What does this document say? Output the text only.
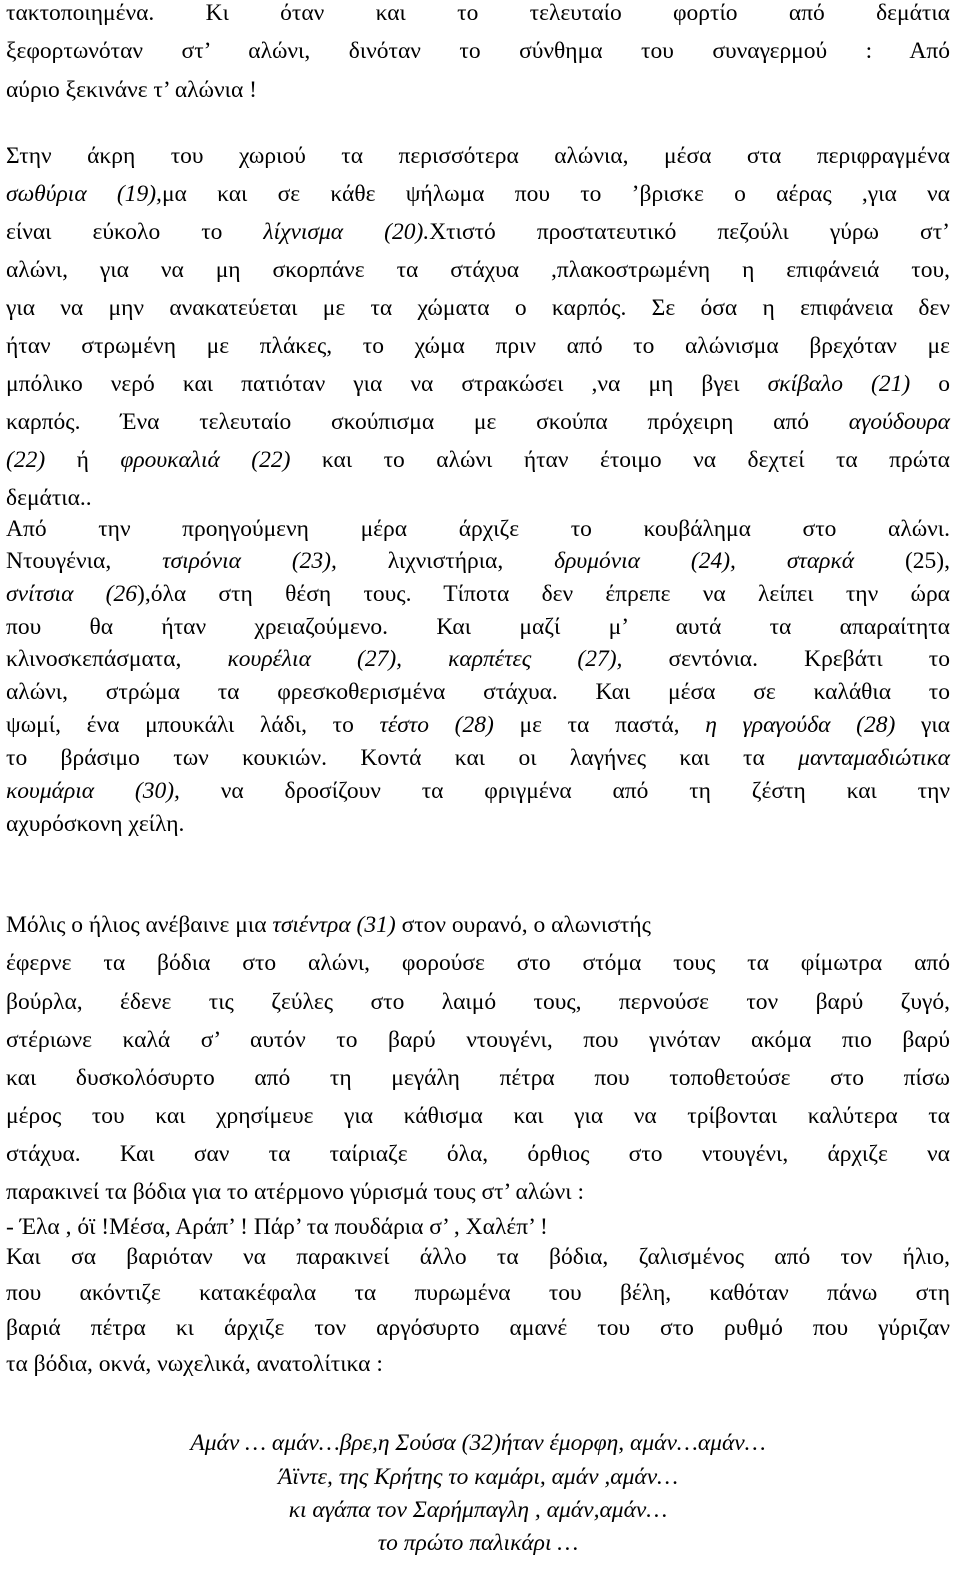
τακτοποιημένα. Κι όταν και το τελευταίο φορτίο από δεμάτια
ξεφορτωνόταν στ’ αλώνι, δινόταν το σύνθημα του συναγερμού : Από
αύριο ξεκινάνε τ’ αλώνια !
Στην άκρη του χωριού τα περισσότερα αλώνια, μέσα στα περιφραγμένα
σωθύρια (19),μα και σε κάθε ψήλωμα που το ’βρισκε ο αέρας ,για να
είναι εύκολο το λίχνισμα (20).Χτιστό προστατευτικό πεζούλι γύρω στ’
αλώνι, για να μη σκορπάνε τα στάχυα ,πλακοστρωμένη η επιφάνειά του,
για να μην ανακατεύεται με τα χώματα ο καρπός. Σε όσα η επιφάνεια δεν
ήταν στρωμένη με πλάκες, το χώμα πριν από το αλώνισμα βρεχόταν με
μπόλικο νερό και πατιόταν για να στρακώσει ,να μη βγει σκίβαλο (21) ο
καρπός. Ένα τελευταίο σκούπισμα με σκούπα πρόχειρη από αγούδουρα
(22) ή φρουκαλιά (22) και το αλώνι ήταν έτοιμο να δεχτεί τα πρώτα
δεμάτια..
Από την προηγούμενη μέρα άρχιζε το κουβάλημα στο αλώνι.
Ντουγένια, τσιρόνια (23), λιχνιστήρια, δρυμόνια (24), σταρκά (25),
σνίτσια (26),όλα στη θέση τους. Τίποτα δεν έπρεπε να λείπει την ώρα
που θα ήταν χρειαζούμενο. Και μαζί μ’ αυτά τα απαραίτητα
κλινοσκεπάσματα, κουρέλια (27), καρπέτες (27), σεντόνια. Κρεβάτι το
αλώνι, στρώμα τα φρεσκοθερισμένα στάχυα. Και μέσα σε καλάθια το
ψωμί, ένα μπουκάλι λάδι, το τέστο (28) με τα παστά, η γραγούδα (28) για
το βράσιμο των κουκιών. Κοντά και οι λαγήνες και τα μανταμαδιώτικα
κουμάρια (30), να δροσίζουν τα φριγμένα από τη ζέστη και την
αχυρόσκονη χείλη.
Μόλις ο ήλιος ανέβαινε μια τσιέντρα (31) στον ουρανό, ο αλωνιστής
έφερνε τα βόδια στο αλώνι, φορούσε στο στόμα τους τα φίμωτρα από
βούρλα, έδενε τις ζεύλες στο λαιμό τους, περνούσε τον βαρύ ζυγό,
στέριωνε καλά σ’ αυτόν το βαρύ ντουγένι, που γινόταν ακόμα πιο βαρύ
και δυσκολόσυρτο από τη μεγάλη πέτρα που τοποθετούσε στο πίσω
μέρος του και χρησίμευε για κάθισμα και για να τρίβονται καλύτερα τα
στάχυα. Και σαν τα ταίριαζε όλα, όρθιος στο ντουγένι, άρχιζε να
παρακινεί τα βόδια για το ατέρμονο γύρισμά τους στ’ αλώνι :
- Έλα , όϊ !Μέσα, Αράπ’ ! Πάρ’ τα πουδάρια σ’ , Χαλέπ’ !
Και σα βαριόταν να παρακινεί άλλο τα βόδια, ζαλισμένος από τον ήλιο,
που ακόντιζε κατακέφαλα τα πυρωμένα του βέλη, καθόταν πάνω στη
βαριά πέτρα κι άρχιζε τον αργόσυρτο αμανέ του στο ρυθμό που γύριζαν
τα βόδια, οκνά, νωχελικά, ανατολίτικα :
Αμάν … αμάν…βρε,η Σούσα (32)ήταν έμορφη, αμάν…αμάν…
Άϊντε, της Κρήτης το καμάρι, αμάν ,αμάν…
κι αγάπα τον Σαρήμπαγλη , αμάν,αμάν…
το πρώτο παλικάρι …
